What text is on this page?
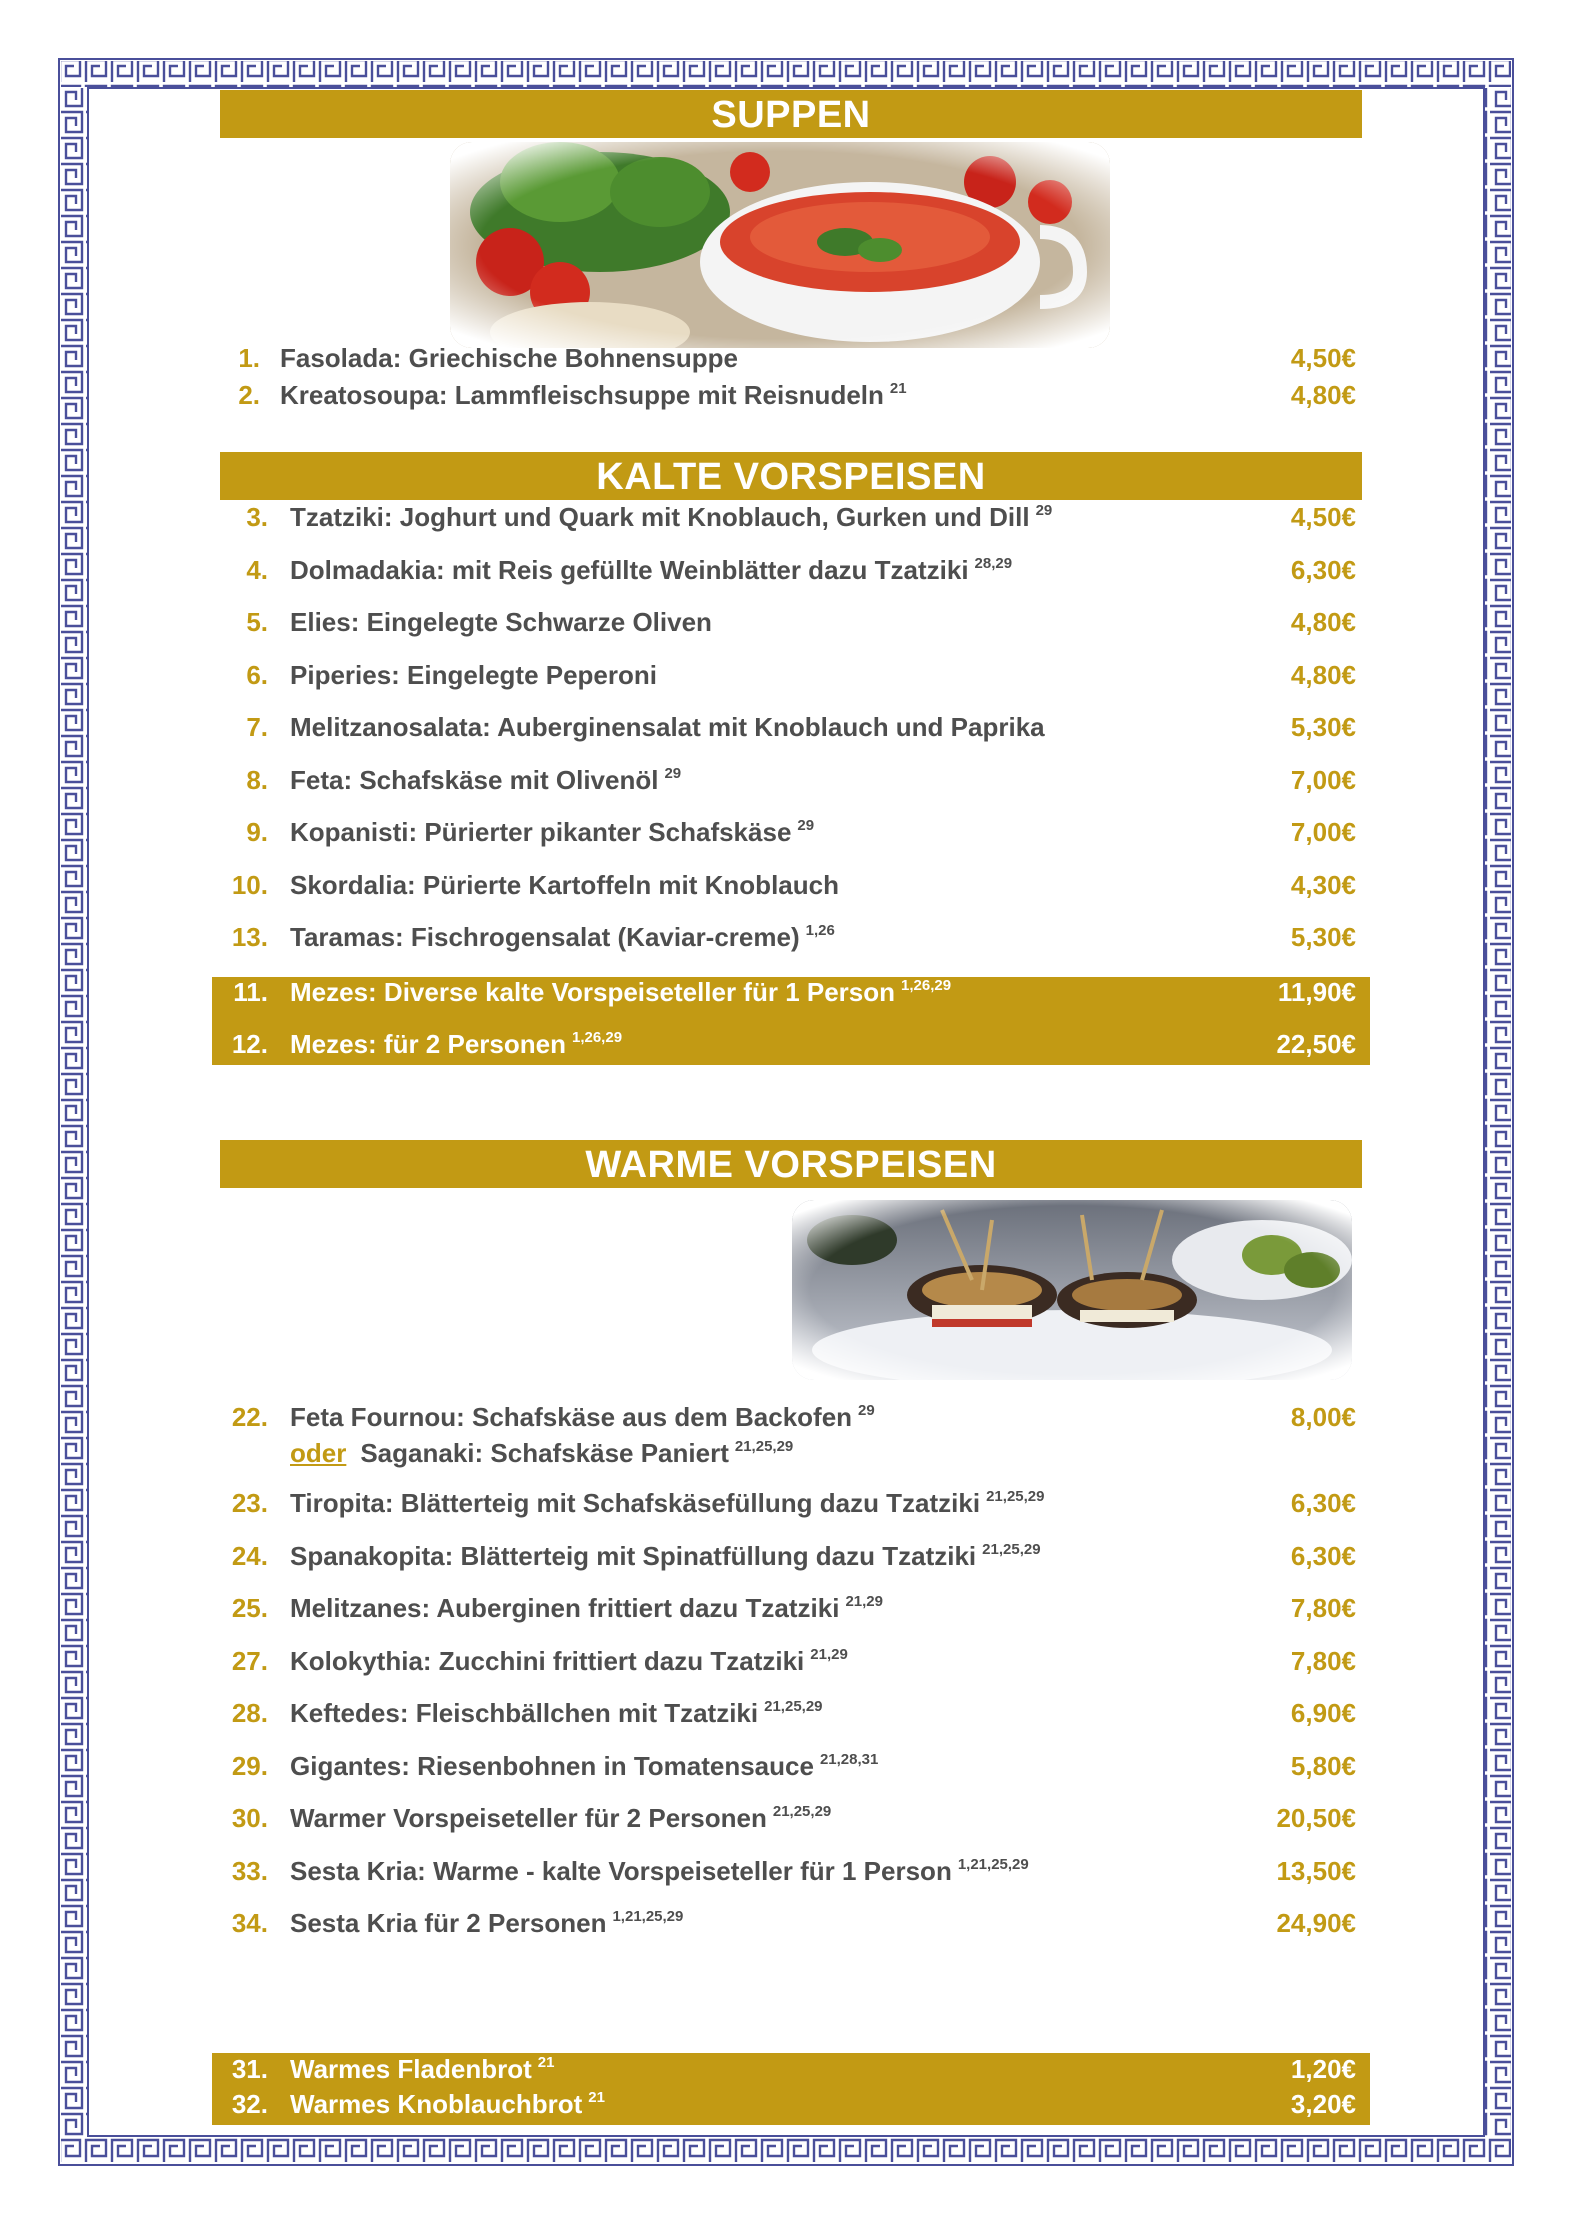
SUPPEN
1. Fasolada: Griechische Bohnensuppe	4,50€
2. Kreatosoupa: Lammfleischsuppe mit Reisnudeln $^{21}$	4,80€
KALTE VORSPEISEN
3. Tzatziki: Joghurt und Quark mit Knoblauch, Gurken und Dill $^{29}$	4,50€
4. Dolmadakia: mit Reis gefüllte Weinblätter dazu Tzatziki $^{28,29}$	6,30€
5. Elies: Eingelegte Schwarze Oliven	4,80€
6. Piperies: Eingelegte Peperoni	4,80€
7. Melitzanosalata: Auberginensalat mit Knoblauch und Paprika	5,30€
8. Feta: Schafskäse mit Olivenöl $^{29}$	7,00€
9. Kopanisti: Pürierter pikanter Schafskäse $^{29}$	7,00€
10. Skordalia: Pürierte Kartoffeln mit Knoblauch	4,30€
13. Taramas: Fischrogensalat (Kaviar-creme) $^{1,26}$	5,30€
11. Mezes: Diverse kalte Vorspeiseteller für 1 Person $^{1,26,29}$	11,90€
12. Mezes: für 2 Personen $^{1,26,29}$	22,50€
WARME VORSPEISEN
22. Feta Fournou: Schafskäse aus dem Backofen $^{29}$	8,00€
oder Saganaki: Schafskäse Paniert $^{21,25,29}$
23. Tiropita: Blätterteig mit Schafskäsefüllung dazu Tzatziki $^{21,25,29}$	6,30€
24. Spanakopita: Blätterteig mit Spinatfüllung dazu Tzatziki $^{21,25,29}$	6,30€
25. Melitzanes: Auberginen frittiert dazu Tzatziki $^{21,29}$	7,80€
27. Kolokythia: Zucchini frittiert dazu Tzatziki $^{21,29}$	7,80€
28. Keftedes: Fleischbällchen mit Tzatziki $^{21,25,29}$	6,90€
29. Gigantes: Riesenbohnen in Tomatensauce $^{21,28,31}$	5,80€
30. Warmer Vorspeiseteller für 2 Personen $^{21,25,29}$	20,50€
33. Sesta Kria: Warme - kalte Vorspeiseteller für 1 Person $^{1,21,25,29}$	13,50€
34. Sesta Kria für 2 Personen $^{1,21,25,29}$	24,90€
31. Warmes Fladenbrot $^{21}$	1,20€
32. Warmes Knoblauchbrot $^{21}$	3,20€
